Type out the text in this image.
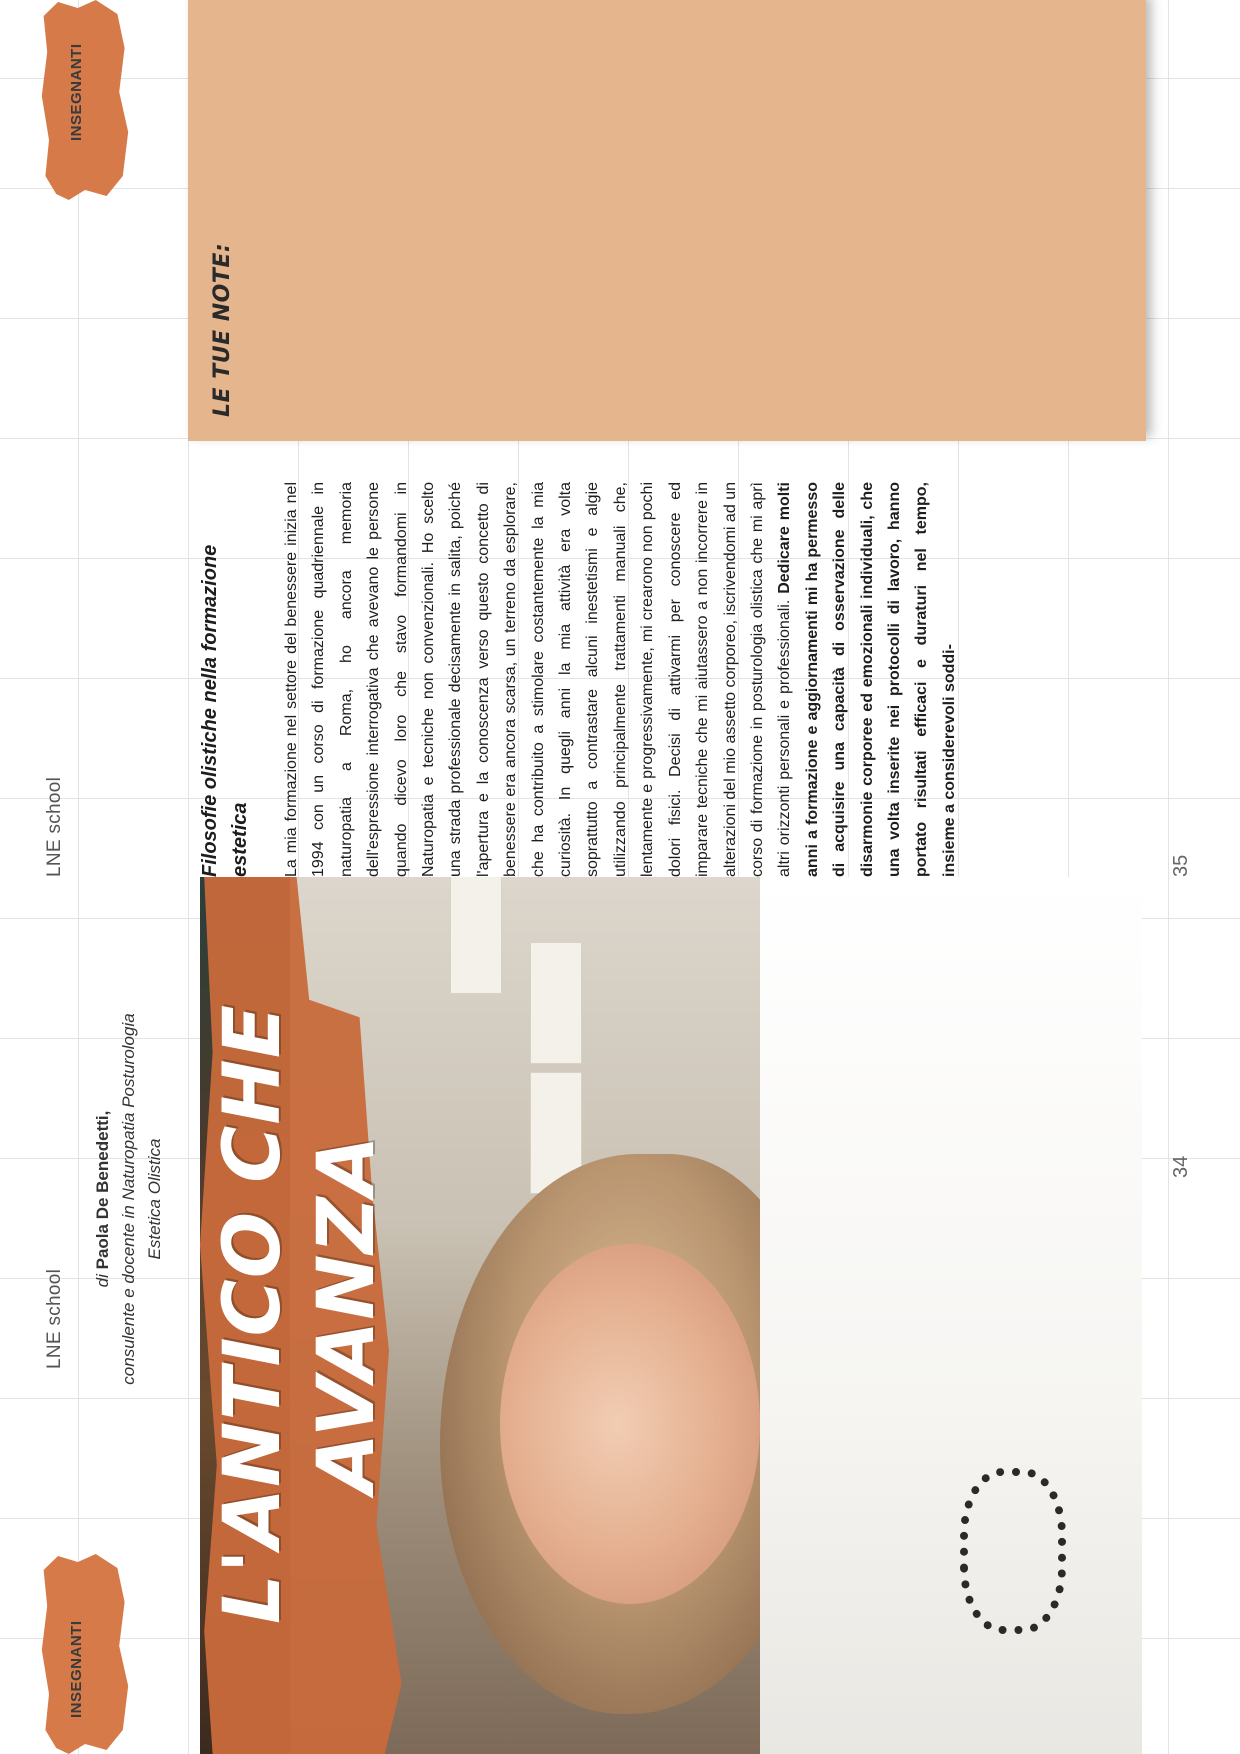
INSEGNANTI
LNE school di Paola De Benedetti, consulente e docente in Naturopatia Posturologia Estetica Olistica L'ANTICO CHE AVANZA	34
LNE school
INSEGNANTI
Filosofie olistiche nella formazione estetica	La mia formazione nel settore del benessere inizia nel 1994 con un corso di formazione quadriennale in naturopatia a Roma, ho ancora memoria dell'espressione interrogativa che avevano le persone quando dicevo loro che stavo formandomi in Naturopatia e tecniche non convenzionali. Ho scelto una strada professionale decisamente in salita, poiché l'apertura e la conoscenza verso questo concetto di benessere era ancora scarsa, un terreno da esplorare, che ha contribuito a stimolare costantemente la mia curiosità. In quegli anni la mia attività era volta soprattutto a contrastare alcuni inestetismi e algie utilizzando principalmente trattamenti manuali che, lentamente e progressivamente, mi crearono non pochi dolori fisici. Decisi di attivarmi per conoscere ed imparare tecniche che mi aiutassero a non incorrere in alterazioni del mio assetto corporeo, iscrivendomi ad un corso di formazione in posturologia olistica che mi aprì altri orizzonti personali e professionali. Dedicare molti anni a formazione e aggiornamenti mi ha permesso di acquisire una capacità di osservazione delle disarmonie corporee ed emozionali individuali, che una volta inserite nei protocolli di lavoro, hanno portato risultati efficaci e duraturi nel tempo, insieme a considerevoli soddi-
LE TUE NOTE:
35
